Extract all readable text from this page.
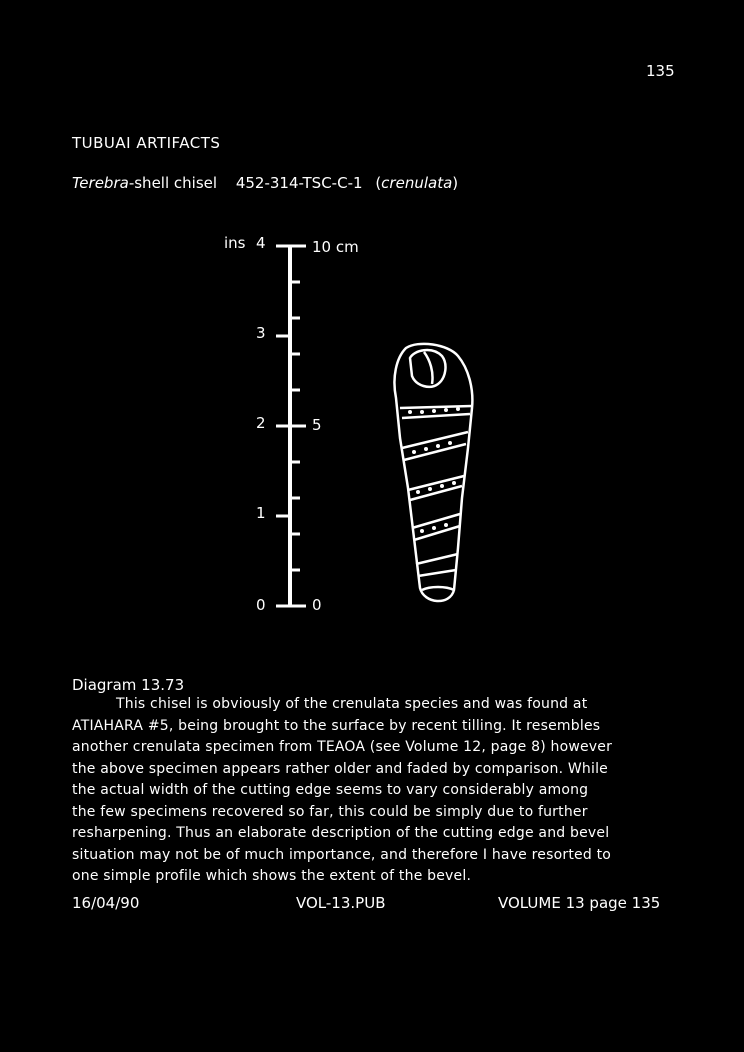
135
TUBUAI ARTIFACTS
Terebra-shell chisel 452-314-TSC-C-1 (crenulata)
ins 4
3
2
1
0
10 cm
5
0
Diagram 13.73
This chisel is obviously of the crenulata species and was found at
ATIAHARA #5, being brought to the surface by recent tilling. It resembles
another crenulata specimen from TEAOA (see Volume 12, page 8) however
the above specimen appears rather older and faded by comparison. While
the actual width of the cutting edge seems to vary considerably among
the few specimens recovered so far, this could be simply due to further
resharpening. Thus an elaborate description of the cutting edge and bevel
situation may not be of much importance, and therefore I have resorted to
one simple profile which shows the extent of the bevel.
16/04/90	VOL-13.PUB	VOLUME 13 page 135
